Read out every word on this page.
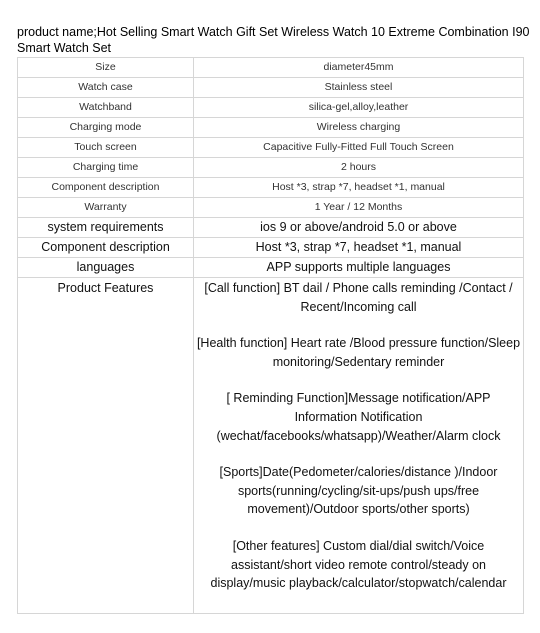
product name;Hot Selling Smart Watch Gift Set Wireless Watch 10 Extreme Combination I90 Smart Watch Set
Size	diameter45mm
Watch case	Stainless steel
Watchband	silica-gel,alloy,leather
Charging mode	Wireless charging
Touch screen	Capacitive Fully-Fitted Full Touch Screen
Charging time	2 hours
Component description	Host *3, strap *7, headset *1, manual
Warranty	1 Year / 12 Months
system requirements	ios 9 or above/android 5.0 or above
Component description	Host *3, strap *7, headset *1, manual
languages	APP supports multiple languages
Product Features	[Call function] BT dail / Phone calls reminding /Contact / Recent/Incoming call

[Health function] Heart rate /Blood pressure function/Sleep monitoring/Sedentary reminder

[ Reminding Function]Message notification/APP Information Notification (wechat/facebooks/whatsapp)/Weather/Alarm clock

[Sports]Date(Pedometer/calories/distance )/Indoor sports(running/cycling/sit-ups/push ups/free movement)/Outdoor sports/other sports)

[Other features] Custom dial/dial switch/Voice assistant/short video remote control/steady on display/music playback/calculator/stopwatch/calendar
